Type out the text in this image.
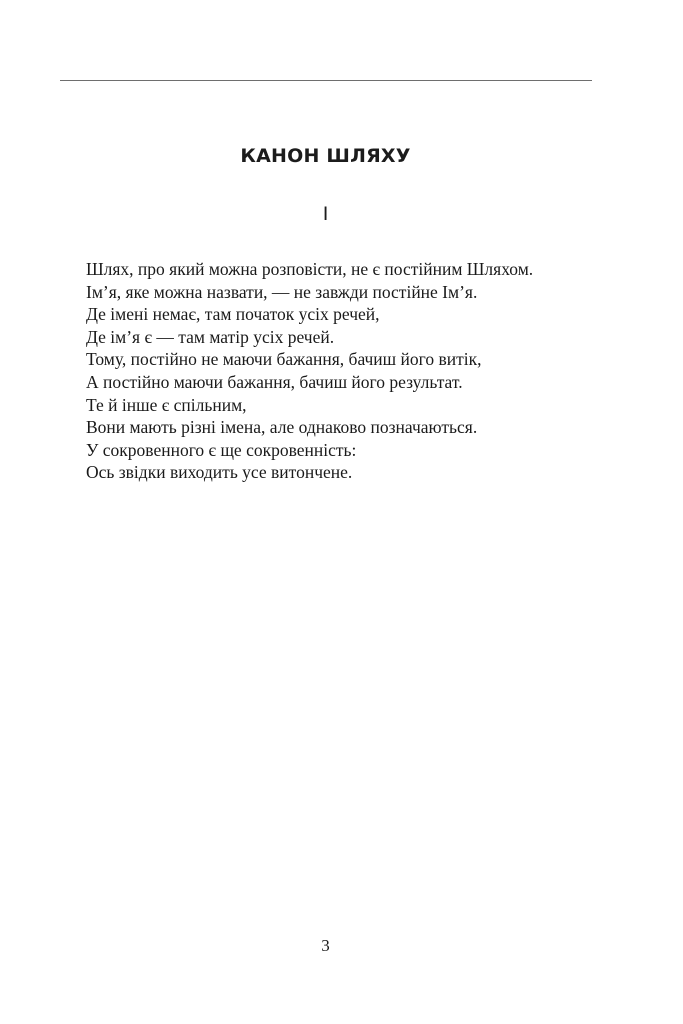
КАНОН ШЛЯХУ
I
Шлях, про який можна розповісти, не є постійним Шляхом.
Ім’я, яке можна назвати, — не завжди постійне Ім’я.
Де імені немає, там початок усіх речей,
Де ім’я є — там матір усіх речей.
Тому, постійно не маючи бажання, бачиш його витік,
А постійно маючи бажання, бачиш його результат.
Те й інше є спільним,
Вони мають різні імена, але однаково позначаються.
У сокровенного є ще сокровенність:
Ось звідки виходить усе витончене.
3
